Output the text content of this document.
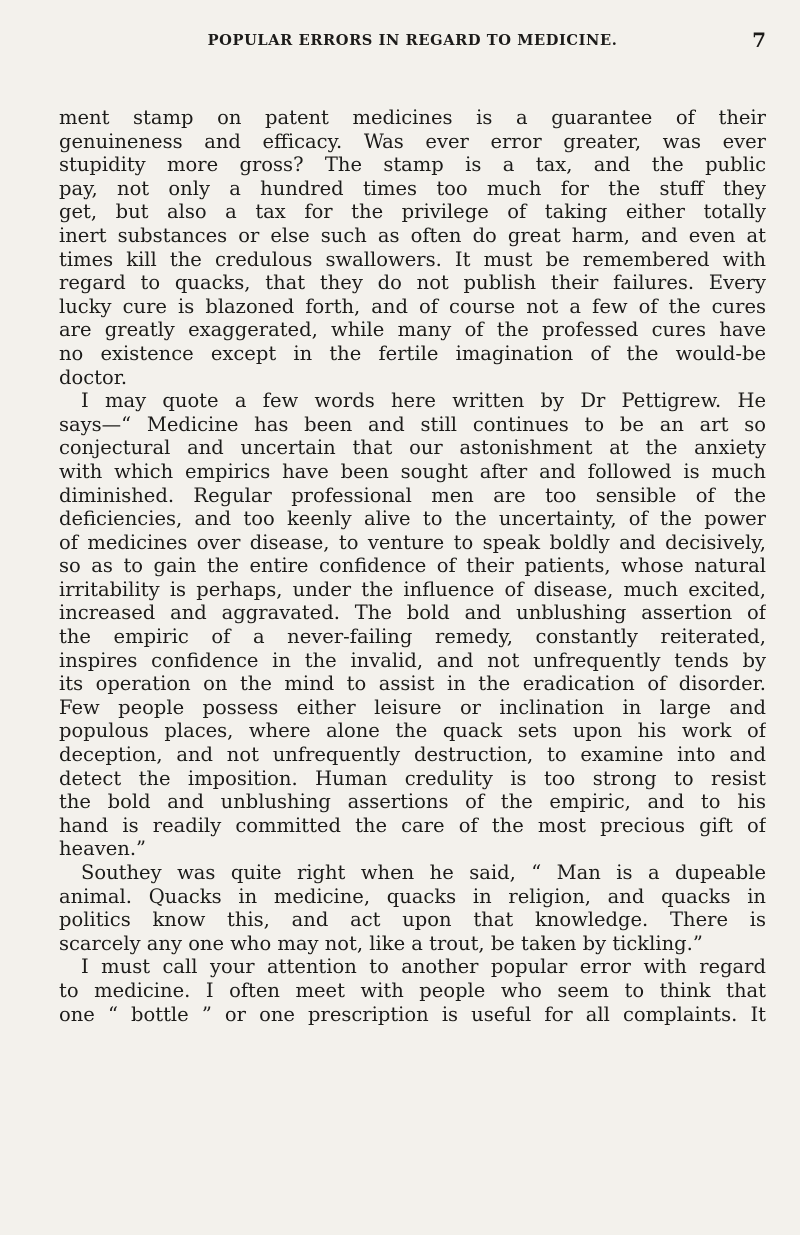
POPULAR ERRORS IN REGARD TO MEDICINE.	7
ment stamp on patent medicines is a guarantee of their
genuineness and efficacy. Was ever error greater, was ever
stupidity more gross? The stamp is a tax, and the public
pay, not only a hundred times too much for the stuff they
get, but also a tax for the privilege of taking either totally
inert substances or else such as often do great harm, and even at
times kill the credulous swallowers. It must be remembered with
regard to quacks, that they do not publish their failures. Every
lucky cure is blazoned forth, and of course not a few of the cures
are greatly exaggerated, while many of the professed cures have
no existence except in the fertile imagination of the would-be
doctor.
I may quote a few words here written by Dr Pettigrew. He
says—“ Medicine has been and still continues to be an art so
conjectural and uncertain that our astonishment at the anxiety
with which empirics have been sought after and followed is much
diminished. Regular professional men are too sensible of the
deficiencies, and too keenly alive to the uncertainty, of the power
of medicines over disease, to venture to speak boldly and decisively,
so as to gain the entire confidence of their patients, whose natural
irritability is perhaps, under the influence of disease, much excited,
increased and aggravated. The bold and unblushing assertion of
the empiric of a never-failing remedy, constantly reiterated,
inspires confidence in the invalid, and not unfrequently tends by
its operation on the mind to assist in the eradication of disorder.
Few people possess either leisure or inclination in large and
populous places, where alone the quack sets upon his work of
deception, and not unfrequently destruction, to examine into and
detect the imposition. Human credulity is too strong to resist
the bold and unblushing assertions of the empiric, and to his
hand is readily committed the care of the most precious gift of
heaven.”
Southey was quite right when he said, “ Man is a dupeable
animal. Quacks in medicine, quacks in religion, and quacks in
politics know this, and act upon that knowledge. There is
scarcely any one who may not, like a trout, be taken by tickling.”
I must call your attention to another popular error with regard
to medicine. I often meet with people who seem to think that
one “ bottle ” or one prescription is useful for all complaints. It
